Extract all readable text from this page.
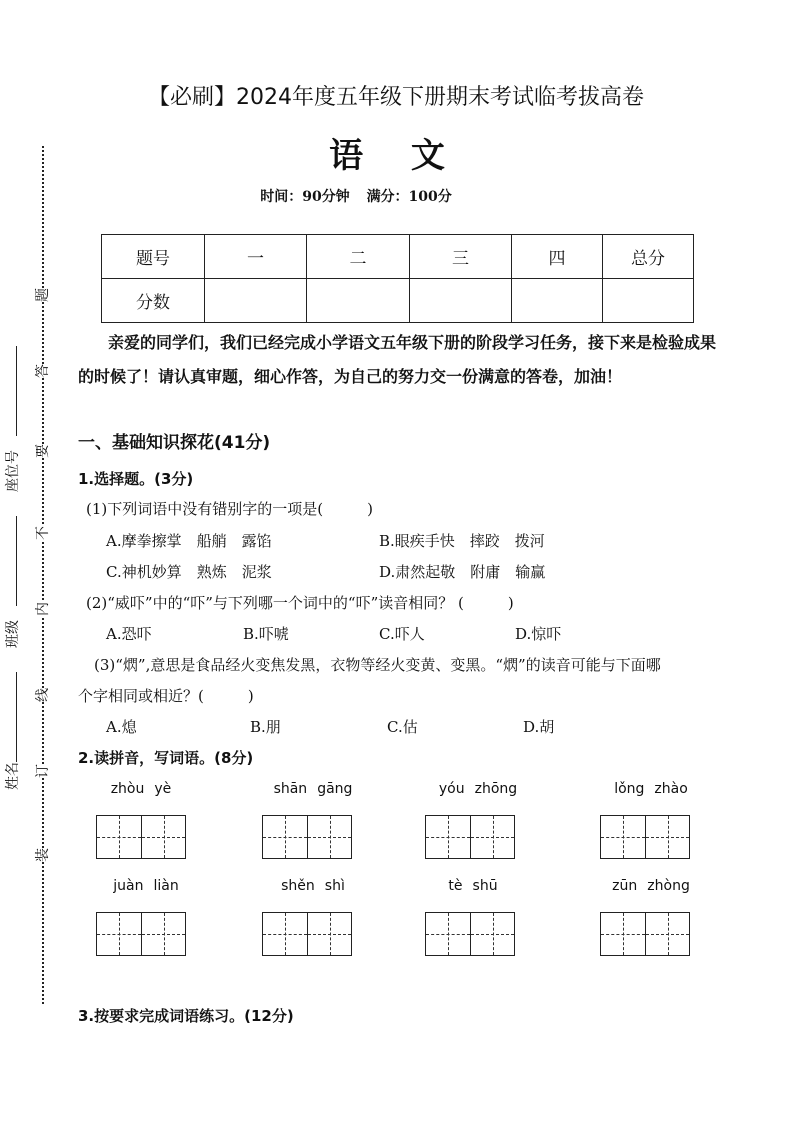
装
订
线
内
不
要
答
题
姓名
班级
座位号
【必刷】2024年度五年级下册期末考试临考拔高卷
语 文
时间：90分钟 满分：100分
题号	一	二	三	四	总分
分数					
亲爱的同学们，我们已经完成小学语文五年级下册的阶段学习任务，接下来是检验成果的时候了！请认真审题，细心作答，为自己的努力交一份满意的答卷，加油！
一、基础知识探花(41分)
1.选择题。(3分)
(1)下列词语中没有错别字的一项是(	)
A.摩拳擦掌　船艄　露馅	B.眼疾手快　摔跤　拨河
C.神机妙算　熟炼　泥浆	D.肃然起敬　附庸　输赢
(2)“威吓”中的“吓”与下列哪一个词中的“吓”读音相同？ (	)
A.恐吓	B.吓唬	C.吓人	D.惊吓
(3)“熌”,意思是食品经火变焦发黑，衣物等经火变黄、变黑。“熌”的读音可能与下面哪
个字相同或相近？(	)
A.熄	B.朋	C.估	D.胡
2.读拼音，写词语。(8分)
zhòu yè	shān gāng	yóu zhōng	lǒng zhào
juàn liàn	shěn shì	tè shū	zūn zhòng
3.按要求完成词语练习。(12分)
